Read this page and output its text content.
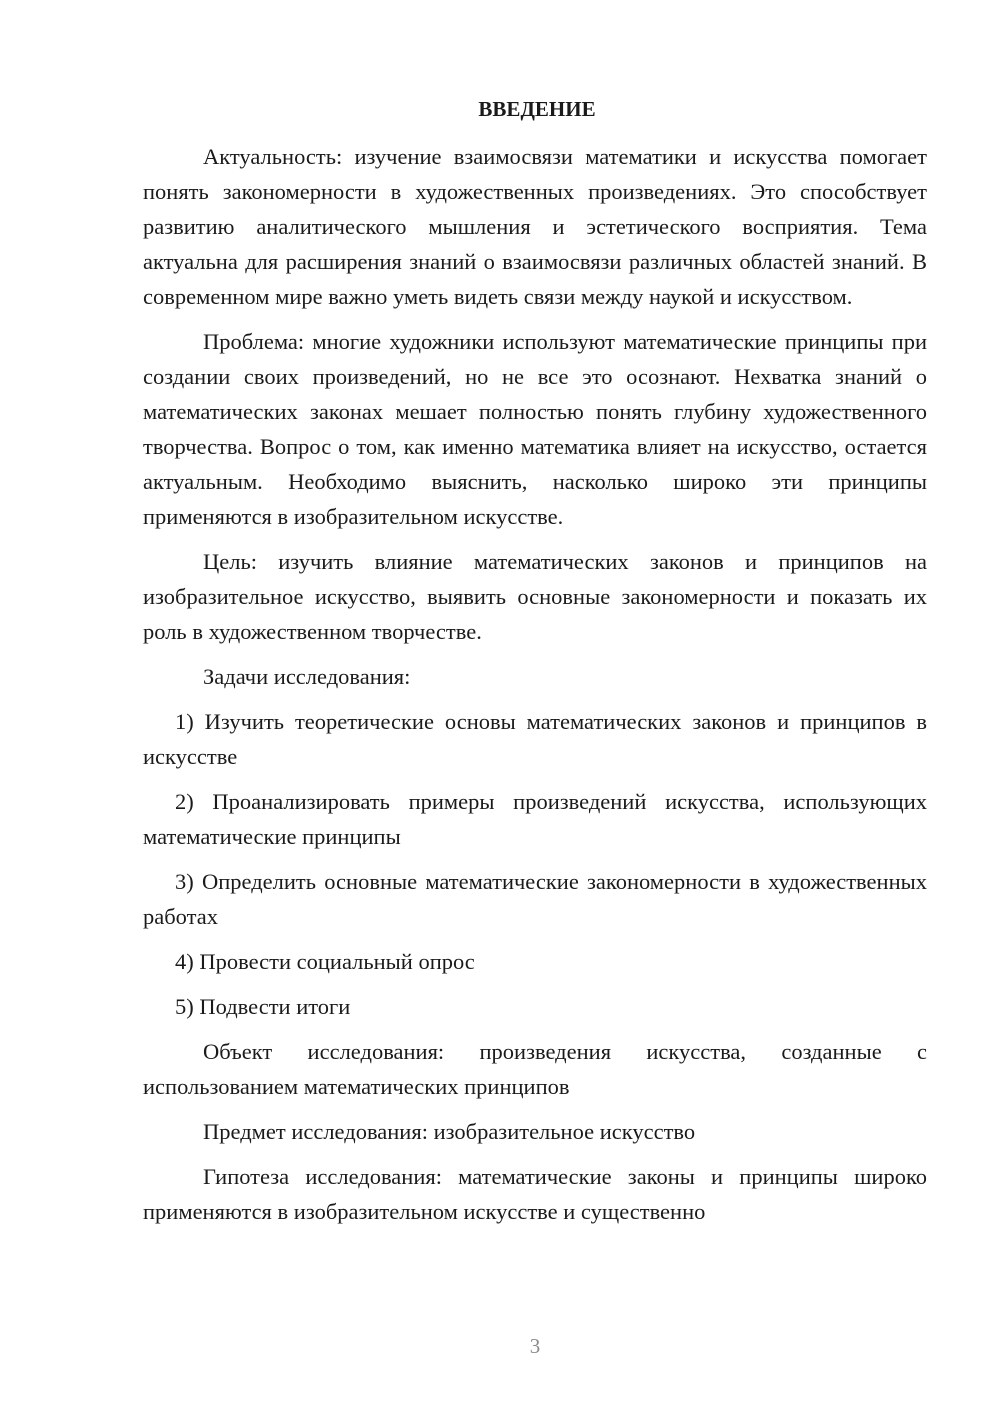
ВВЕДЕНИЕ

Актуальность: изучение взаимосвязи математики и искусства помогает понять закономерности в художественных произведениях. Это способствует развитию аналитического мышления и эстетического восприятия. Тема актуальна для расширения знаний о взаимосвязи различных областей знаний. В современном мире важно уметь видеть связи между наукой и искусством.

Проблема: многие художники используют математические принципы при создании своих произведений, но не все это осознают. Нехватка знаний о математических законах мешает полностью понять глубину художественного творчества. Вопрос о том, как именно математика влияет на искусство, остается актуальным. Необходимо выяснить, насколько широко эти принципы применяются в изобразительном искусстве.

Цель: изучить влияние математических законов и принципов на изобразительное искусство, выявить основные закономерности и показать их роль в художественном творчестве.

Задачи исследования:

1) Изучить теоретические основы математических законов и принципов в искусстве

2) Проанализировать примеры произведений искусства, использующих математические принципы

3) Определить основные математические закономерности в художественных работах

4) Провести социальный опрос

5) Подвести итоги

Объект исследования: произведения искусства, созданные с использованием математических принципов

Предмет исследования: изобразительное искусство

Гипотеза исследования: математические законы и принципы широко применяются в изобразительном искусстве и существенно

3
